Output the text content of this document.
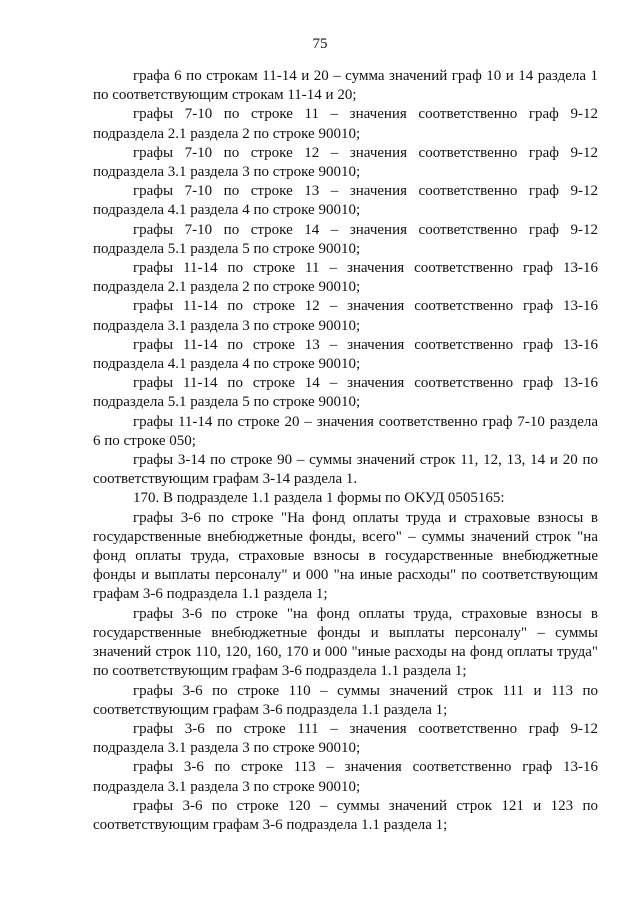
75

графа 6 по строкам 11-14 и 20 – сумма значений граф 10 и 14 раздела 1 по соответствующим строкам 11-14 и 20;

графы 7-10 по строке 11 – значения соответственно граф 9-12 подраздела 2.1 раздела 2 по строке 90010;

графы 7-10 по строке 12 – значения соответственно граф 9-12 подраздела 3.1 раздела 3 по строке 90010;

графы 7-10 по строке 13 – значения соответственно граф 9-12 подраздела 4.1 раздела 4 по строке 90010;

графы 7-10 по строке 14 – значения соответственно граф 9-12 подраздела 5.1 раздела 5 по строке 90010;

графы 11-14 по строке 11 – значения соответственно граф 13-16 подраздела 2.1 раздела 2 по строке 90010;

графы 11-14 по строке 12 – значения соответственно граф 13-16 подраздела 3.1 раздела 3 по строке 90010;

графы 11-14 по строке 13 – значения соответственно граф 13-16 подраздела 4.1 раздела 4 по строке 90010;

графы 11-14 по строке 14 – значения соответственно граф 13-16 подраздела 5.1 раздела 5 по строке 90010;

графы 11-14 по строке 20 – значения соответственно граф 7-10 раздела 6 по строке 050;

графы 3-14 по строке 90 – суммы значений строк 11, 12, 13, 14 и 20 по соответствующим графам 3-14 раздела 1.

170. В подразделе 1.1 раздела 1 формы по ОКУД 0505165:

графы 3-6 по строке "На фонд оплаты труда и страховые взносы в государственные внебюджетные фонды, всего" – суммы значений строк "на фонд оплаты труда, страховые взносы в государственные внебюджетные фонды и выплаты персоналу" и 000 "на иные расходы" по соответствующим графам 3-6 подраздела 1.1 раздела 1;

графы 3-6 по строке "на фонд оплаты труда, страховые взносы в государственные внебюджетные фонды и выплаты персоналу" – суммы значений строк 110, 120, 160, 170 и 000 "иные расходы на фонд оплаты труда" по соответствующим графам 3-6 подраздела 1.1 раздела 1;

графы 3-6 по строке 110 – суммы значений строк 111 и 113 по соответствующим графам 3-6 подраздела 1.1 раздела 1;

графы 3-6 по строке 111 – значения соответственно граф 9-12 подраздела 3.1 раздела 3 по строке 90010;

графы 3-6 по строке 113 – значения соответственно граф 13-16 подраздела 3.1 раздела 3 по строке 90010;

графы 3-6 по строке 120 – суммы значений строк 121 и 123 по соответствующим графам 3-6 подраздела 1.1 раздела 1;
